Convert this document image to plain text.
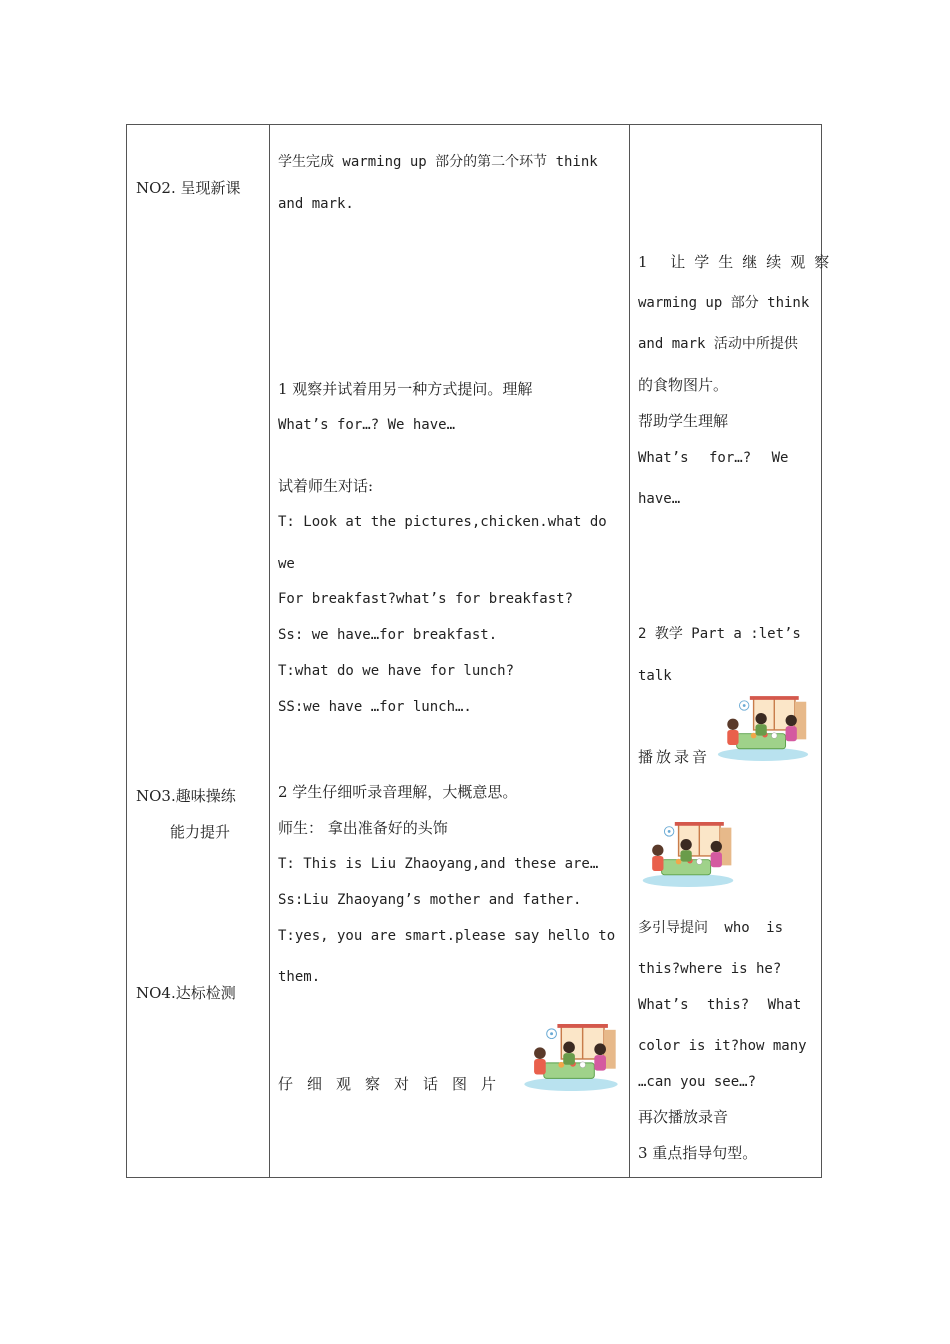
NO2. 呈现新课
NO3.趣味操练
能力提升
NO4.达标检测
学生完成 warming up 部分的第二个环节 think
and mark.
1 观察并试着用另一种方式提问。理解
What’s for…? We have…
试着师生对话:
T: Look at the pictures,chicken.what do
we
For breakfast?what’s for breakfast?
Ss: we have…for breakfast.
T:what do we have for lunch?
SS:we have …for lunch….
2 学生仔细听录音理解，大概意思。
师生： 拿出准备好的头饰
T: This is Liu Zhaoyang,and these are…
Ss:Liu Zhaoyang’s mother and father.
T:yes, you are smart.please say hello to
them.
仔细观察对话图片
1 让学生继续观察
warming up 部分 think
and mark 活动中所提供
的食物图片。
帮助学生理解
What’s for…? We
have…
2 教学 Part a :let’s
talk
播放录音
多引导提问 who is
this?where is he?
What’s this? What
color is it?how many
…can you see…?
再次播放录音
3 重点指导句型。
